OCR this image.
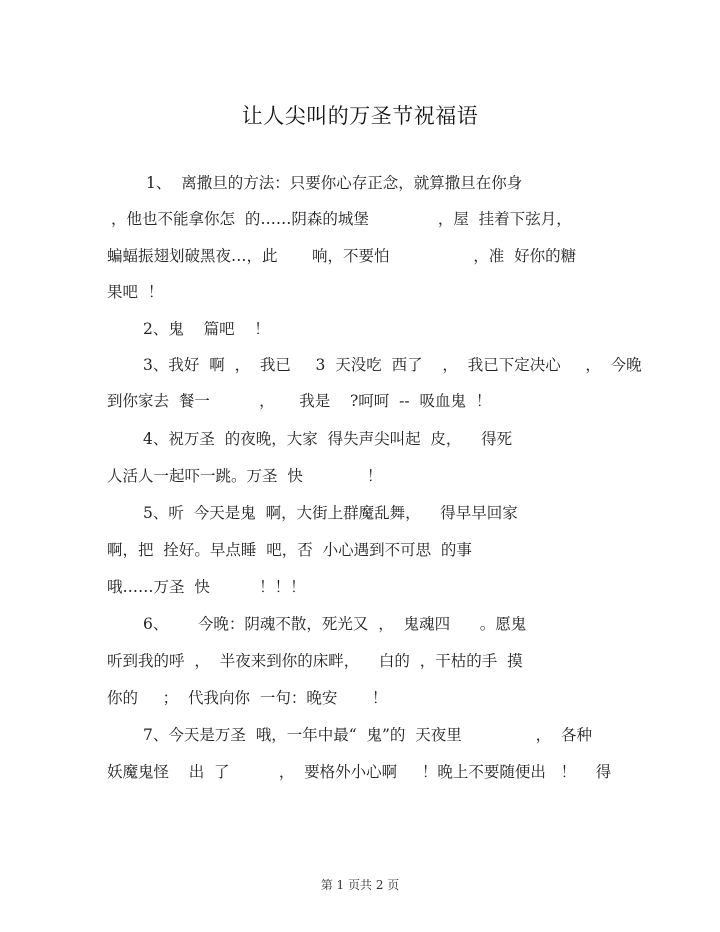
让人尖叫的万圣节祝福语
1、  离撒旦的方法：只要你心存正念，就算撒旦在你身
，他也不能拿你怎  的……阴森的城堡              ，屋  挂着下弦月，
蝙蝠振翅划破黑夜…，此       响，不要怕                 ，准  好你的糖
果吧  ！
2、鬼    篇吧    ！
3、我好  啊  ，  我已     3  天没吃  西了    ，  我已下定决心     ，  今晚
到你家去  餐一          ，     我是    ?呵呵  --  吸血鬼  ！
4、祝万圣  的夜晚，大家  得失声尖叫起  皮，    得死
人活人一起吓一跳。万圣  快             ！
5、听  今天是鬼  啊，大街上群魔乱舞，    得早早回家
啊，把  拴好。早点睡  吧，否  小心遇到不可思  的事
哦……万圣  快          ！！！
6、      今晚：阴魂不散，死光又  ，  鬼魂四      。愿鬼
听到我的呼  ，  半夜来到你的床畔，    白的  ，干枯的手  摸
你的     ；  代我向你  一句：晚安       ！
7、今天是万圣  哦，一年中最“  鬼”的  天夜里               ，  各种
妖魔鬼怪    出  了          ，  要格外小心啊     ！晚上不要随便出   ！    得
第 1 页共 2 页
